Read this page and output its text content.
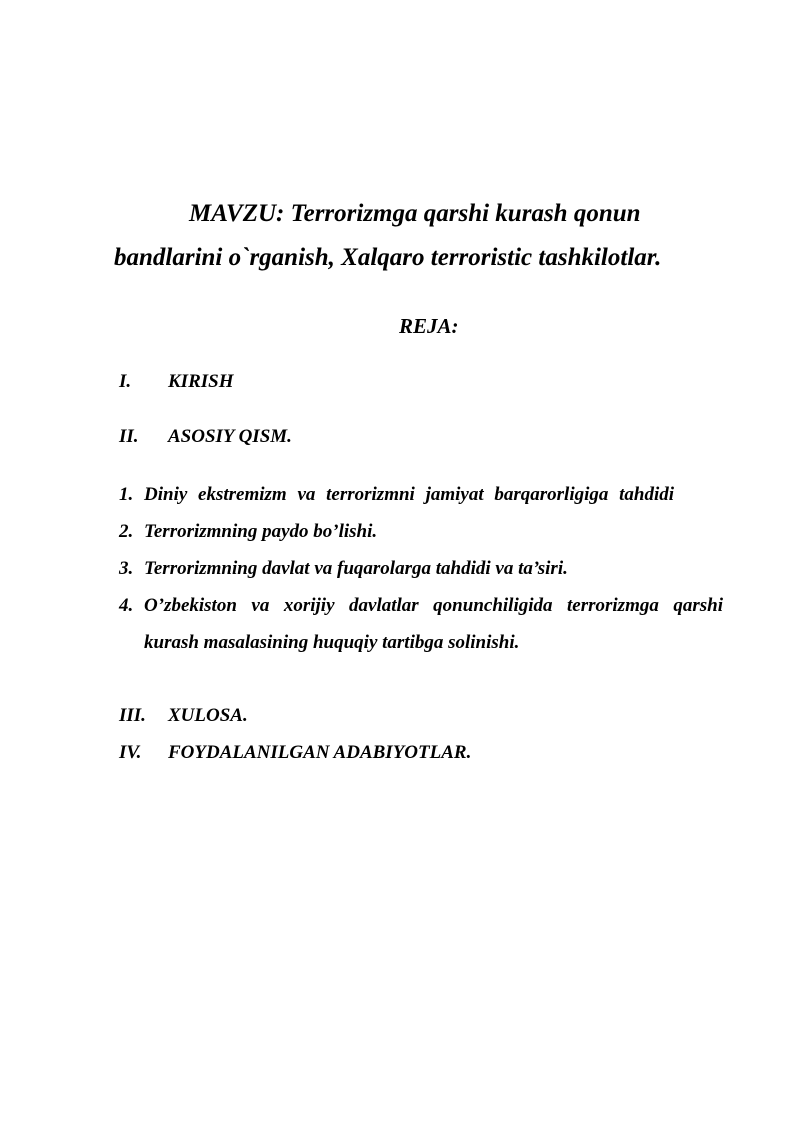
MAVZU: Terrorizmga qarshi kurash qonun
bandlarini o`rganish, Xalqaro terroristic tashkilotlar.
REJA:
I. KIRISH
II. ASOSIY QISM.
1. Diniy ekstremizm va terrorizmni jamiyat barqarorligiga tahdidi
2. Terrorizmning paydo bo’lishi.
3. Terrorizmning davlat va fuqarolarga tahdidi va ta’siri.
4. O’zbekiston va xorijiy davlatlar qonunchiligida terrorizmga qarshi kurash masalasining huquqiy tartibga solinishi.
III. XULOSA.
IV. FOYDALANILGAN ADABIYOTLAR.
